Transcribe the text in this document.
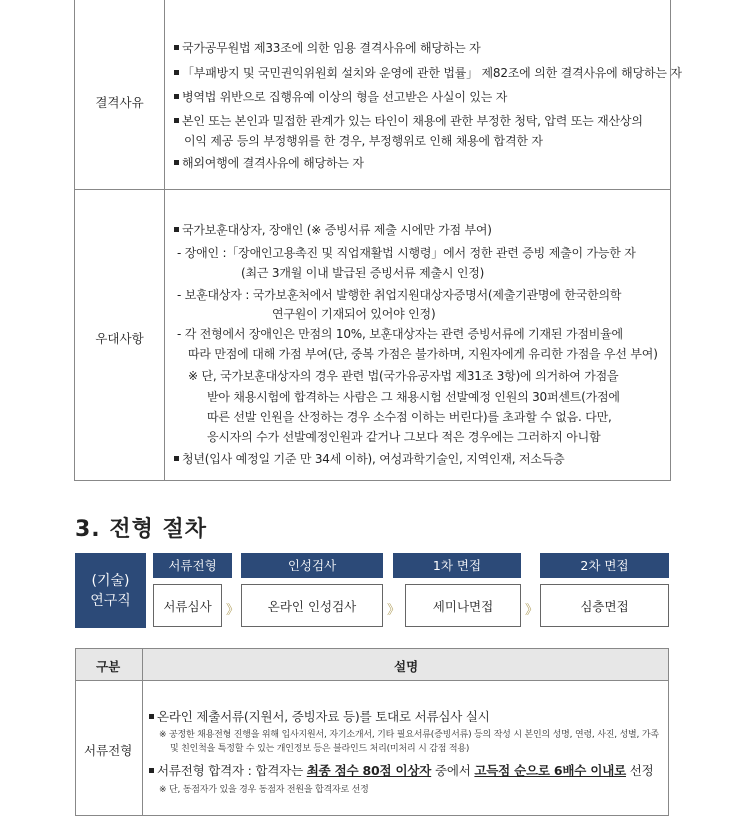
결격사유
국가공무원법 제33조에 의한 임용 결격사유에 해당하는 자
「부패방지 및 국민권익위원회 설치와 운영에 관한 법률」 제82조에 의한 결격사유에 해당하는 자
병역법 위반으로 집행유예 이상의 형을 선고받은 사실이 있는 자
본인 또는 본인과 밀접한 관계가 있는 타인이 채용에 관한 부정한 청탁, 압력 또는 재산상의
이익 제공 등의 부정행위를 한 경우, 부정행위로 인해 채용에 합격한 자
해외여행에 결격사유에 해당하는 자
우대사항
국가보훈대상자, 장애인 (※ 증빙서류 제출 시에만 가점 부여)
- 장애인 :「장애인고용촉진 및 직업재활법 시행령」에서 정한 관련 증빙 제출이 가능한 자
(최근 3개월 이내 발급된 증빙서류 제출시 인정)
- 보훈대상자 : 국가보훈처에서 발행한 취업지원대상자증명서(제출기관명에 한국한의학
연구원이 기재되어 있어야 인정)
- 각 전형에서 장애인은 만점의 10%, 보훈대상자는 관련 증빙서류에 기재된 가점비율에
따라 만점에 대해 가점 부여(단, 중복 가점은 불가하며, 지원자에게 유리한 가점을 우선 부여)
※ 단, 국가보훈대상자의 경우 관련 법(국가유공자법 제31조 3항)에 의거하여 가점을
받아 채용시험에 합격하는 사람은 그 채용시험 선발예정 인원의 30퍼센트(가점에
따른 선발 인원을 산정하는 경우 소수점 이하는 버린다)를 초과할 수 없음. 다만,
응시자의 수가 선발예정인원과 같거나 그보다 적은 경우에는 그러하지 아니함
청년(입사 예정일 기준 만 34세 이하), 여성과학기술인, 지역인재, 저소득층
3. 전형 절차
(기술)
연구직
서류전형	인성검사	1차 면접	2차 면접
서류심사	》	온라인 인성검사	》	세미나면접	》	심층면접
구분	설명
서류전형
온라인 제출서류(지원서, 증빙자료 등)를 토대로 서류심사 실시
※ 공정한 채용전형 진행을 위해 입사지원서, 자기소개서, 기타 필요서류(증빙서류) 등의 작성 시 본인의 성명, 연령, 사진, 성별, 가족
및 친인척을 특정할 수 있는 개인정보 등은 블라인드 처리(미처리 시 감점 적용)
서류전형 합격자 : 합격자는 최종 점수 80점 이상자 중에서 고득점 순으로 6배수 이내로 선정
※ 단, 동점자가 있을 경우 동점자 전원을 합격자로 선정
